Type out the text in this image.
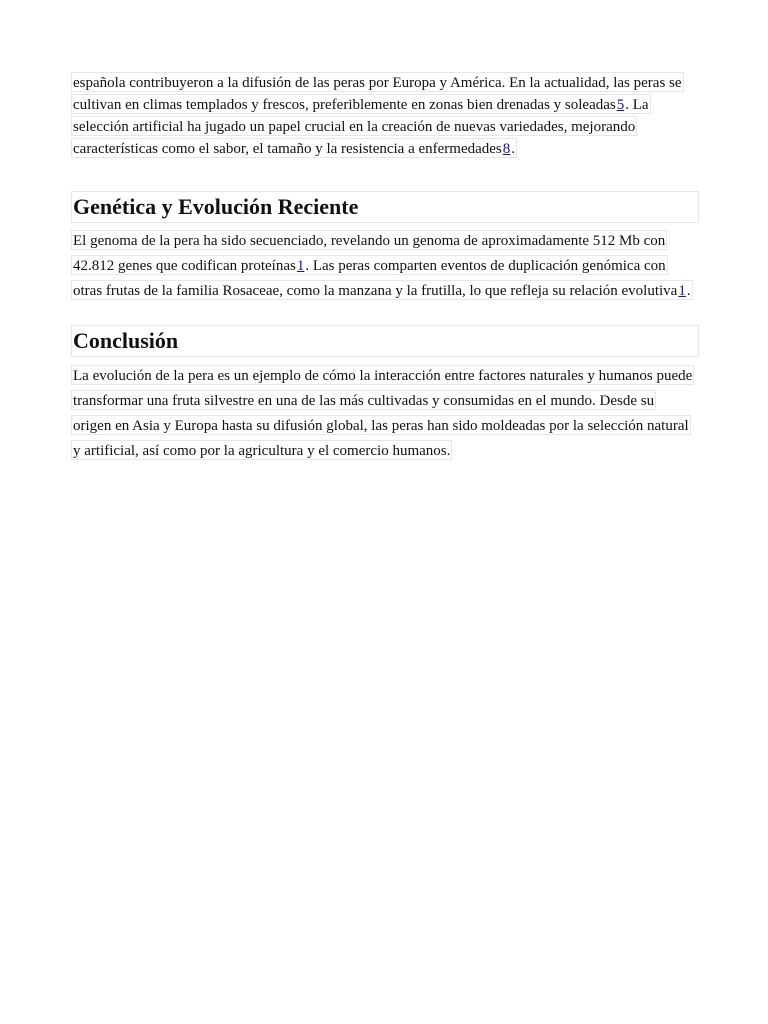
española contribuyeron a la difusión de las peras por Europa y América. En la actualidad, las peras se
cultivan en climas templados y frescos, preferiblemente en zonas bien drenadas y soleadas5. La
selección artificial ha jugado un papel crucial en la creación de nuevas variedades, mejorando
características como el sabor, el tamaño y la resistencia a enfermedades8.
Genética y Evolución Reciente
El genoma de la pera ha sido secuenciado, revelando un genoma de aproximadamente 512 Mb con
42.812 genes que codifican proteínas1. Las peras comparten eventos de duplicación genómica con
otras frutas de la familia Rosaceae, como la manzana y la frutilla, lo que refleja su relación evolutiva1.
Conclusión
La evolución de la pera es un ejemplo de cómo la interacción entre factores naturales y humanos puede
transformar una fruta silvestre en una de las más cultivadas y consumidas en el mundo. Desde su
origen en Asia y Europa hasta su difusión global, las peras han sido moldeadas por la selección natural
y artificial, así como por la agricultura y el comercio humanos.
